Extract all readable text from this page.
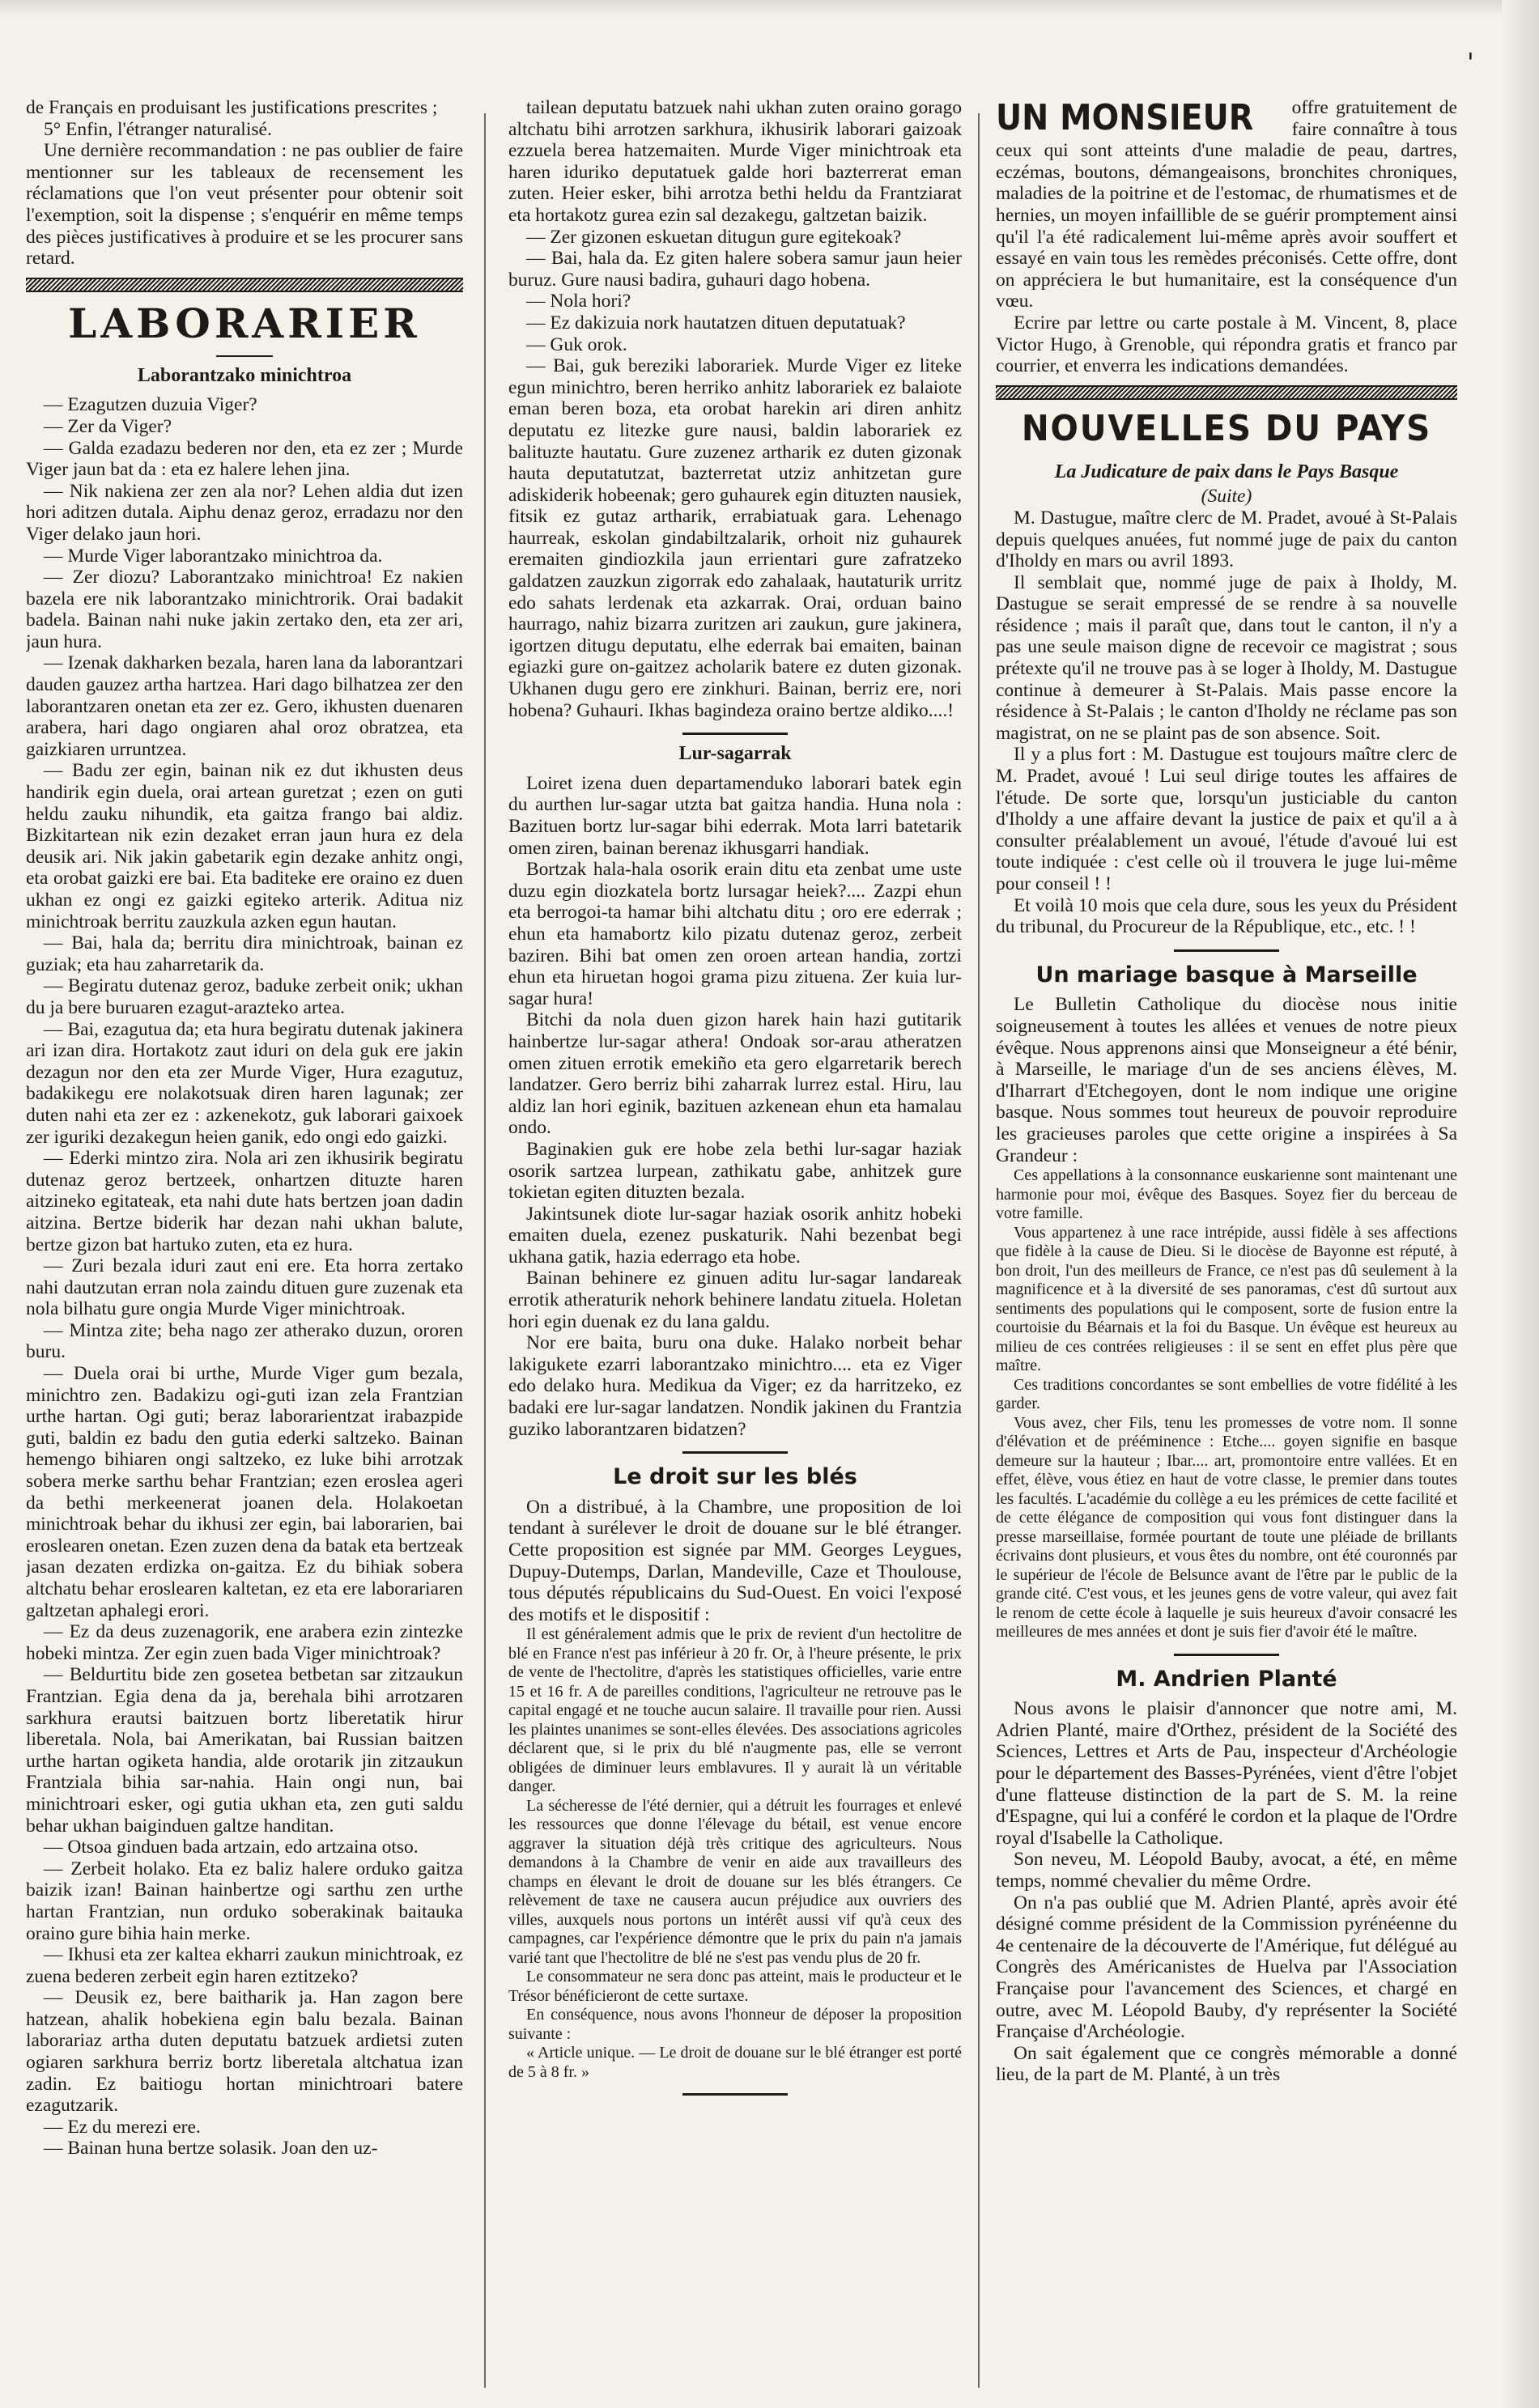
'

de Français en produisant les justifications prescrites ;

5° Enfin, l'étranger naturalisé.

Une dernière recommandation : ne pas oublier de faire mentionner sur les tableaux de recensement les réclamations que l'on veut présenter pour obtenir soit l'exemption, soit la dispense ; s'enquérir en même temps des pièces justificatives à produire et se les procurer sans retard.

LABORARIER
Laborantzako minichtroa

— Ezagutzen duzuia Viger?

— Zer da Viger?

— Galda ezadazu bederen nor den, eta ez zer ; Murde Viger jaun bat da : eta ez halere lehen jina.

— Nik nakiena zer zen ala nor? Lehen aldia dut izen hori aditzen dutala. Aiphu denaz geroz, erradazu nor den Viger delako jaun hori.

— Murde Viger laborantzako minichtroa da.

— Zer diozu? Laborantzako minichtroa! Ez nakien bazela ere nik laborantzako minichtrorik. Orai badakit badela. Bainan nahi nuke jakin zertako den, eta zer ari, jaun hura.

— Izenak dakharken bezala, haren lana da laborantzari dauden gauzez artha hartzea. Hari dago bilhatzea zer den laborantzaren onetan eta zer ez. Gero, ikhusten duenaren arabera, hari dago ongiaren ahal oroz obratzea, eta gaizkiaren urruntzea.

— Badu zer egin, bainan nik ez dut ikhusten deus handirik egin duela, orai artean guretzat ; ezen on guti heldu zauku nihundik, eta gaitza frango bai aldiz. Bizkitartean nik ezin dezaket erran jaun hura ez dela deusik ari. Nik jakin gabetarik egin dezake anhitz ongi, eta orobat gaizki ere bai. Eta baditeke ere oraino ez duen ukhan ez ongi ez gaizki egiteko arterik. Aditua niz minichtroak berritu zauzkula azken egun hautan.

— Bai, hala da; berritu dira minichtroak, bainan ez guziak; eta hau zaharretarik da.

— Begiratu dutenaz geroz, baduke zerbeit onik; ukhan du ja bere buruaren ezagut-arazteko artea.

— Bai, ezagutua da; eta hura begiratu dutenak jakinera ari izan dira. Hortakotz zaut iduri on dela guk ere jakin dezagun nor den eta zer Murde Viger, Hura ezagutuz, badakikegu ere nolakotsuak diren haren lagunak; zer duten nahi eta zer ez : azkenekotz, guk laborari gaixoek zer iguriki dezakegun heien ganik, edo ongi edo gaizki.

— Ederki mintzo zira. Nola ari zen ikhusirik begiratu dutenaz geroz bertzeek, onhartzen dituzte haren aitzineko egitateak, eta nahi dute hats bertzen joan dadin aitzina. Bertze biderik har dezan nahi ukhan balute, bertze gizon bat hartuko zuten, eta ez hura.

— Zuri bezala iduri zaut eni ere. Eta horra zertako nahi dautzutan erran nola zaindu dituen gure zuzenak eta nola bilhatu gure ongia Murde Viger minichtroak.

— Mintza zite; beha nago zer atherako duzun, ororen buru.

— Duela orai bi urthe, Murde Viger gum bezala, minichtro zen. Badakizu ogi-guti izan zela Frantzian urthe hartan. Ogi guti; beraz laborarientzat irabazpide guti, baldin ez badu den gutia ederki saltzeko. Bainan hemengo bihiaren ongi saltzeko, ez luke bihi arrotzak sobera merke sarthu behar Frantzian; ezen eroslea ageri da bethi merkeenerat joanen dela. Holakoetan minichtroak behar du ikhusi zer egin, bai laborarien, bai eroslearen onetan. Ezen zuzen dena da batak eta bertzeak jasan dezaten erdizka on-gaitza. Ez du bihiak sobera altchatu behar eroslearen kaltetan, ez eta ere laborariaren galtzetan aphalegi erori.

— Ez da deus zuzenagorik, ene arabera ezin zintezke hobeki mintza. Zer egin zuen bada Viger minichtroak?

— Beldurtitu bide zen gosetea betbetan sar zitzaukun Frantzian. Egia dena da ja, berehala bihi arrotzaren sarkhura erautsi baitzuen bortz liberetatik hirur liberetala. Nola, bai Amerikatan, bai Russian baitzen urthe hartan ogiketa handia, alde orotarik jin zitzaukun Frantziala bihia sar-nahia. Hain ongi nun, bai minichtroari esker, ogi gutia ukhan eta, zen guti saldu behar ukhan baiginduen galtze handitan.

— Otsoa ginduen bada artzain, edo artzaina otso.

— Zerbeit holako. Eta ez baliz halere orduko gaitza baizik izan! Bainan hainbertze ogi sarthu zen urthe hartan Frantzian, nun orduko soberakinak baitauka oraino gure bihia hain merke.

— Ikhusi eta zer kaltea ekharri zaukun minichtroak, ez zuena bederen zerbeit egin haren eztitzeko?

— Deusik ez, bere baitharik ja. Han zagon bere hatzean, ahalik hobekiena egin balu bezala. Bainan laborariaz artha duten deputatu batzuek ardietsi zuten ogiaren sarkhura berriz bortz liberetala altchatua izan zadin. Ez baitiogu hortan minichtroari batere ezagutzarik.

— Ez du merezi ere.

— Bainan huna bertze solasik. Joan den uz-

tailean deputatu batzuek nahi ukhan zuten oraino gorago altchatu bihi arrotzen sarkhura, ikhusirik laborari gaizoak ezzuela berea hatzemaiten. Murde Viger minichtroak eta haren iduriko deputatuek galde hori bazterrerat eman zuten. Heier esker, bihi arrotza bethi heldu da Frantziarat eta hortakotz gurea ezin sal dezakegu, galtzetan baizik.

— Zer gizonen eskuetan ditugun gure egitekoak?

— Bai, hala da. Ez giten halere sobera samur jaun heier buruz. Gure nausi badira, guhauri dago hobena.

— Nola hori?

— Ez dakizuia nork hautatzen dituen deputatuak?

— Guk orok.

— Bai, guk bereziki laborariek. Murde Viger ez liteke egun minichtro, beren herriko anhitz laborariek ez balaiote eman beren boza, eta orobat harekin ari diren anhitz deputatu ez litezke gure nausi, baldin laborariek ez balituzte hautatu. Gure zuzenez artharik ez duten gizonak hauta deputatutzat, bazterretat utziz anhitzetan gure adiskiderik hobeenak; gero guhaurek egin dituzten nausiek, fitsik ez gutaz artharik, errabiatuak gara. Lehenago haurreak, eskolan gindabiltzalarik, orhoit niz guhaurek eremaiten gindiozkila jaun errientari gure zafratzeko galdatzen zauzkun zigorrak edo zahalaak, hautaturik urritz edo sahats lerdenak eta azkarrak. Orai, orduan baino haurrago, nahiz bizarra zuritzen ari zaukun, gure jakinera, igortzen ditugu deputatu, elhe ederrak bai emaiten, bainan egiazki gure on-gaitzez acholarik batere ez duten gizonak. Ukhanen dugu gero ere zinkhuri. Bainan, berriz ere, nori hobena? Guhauri. Ikhas bagindeza oraino bertze aldiko....!

Lur-sagarrak

Loiret izena duen departamenduko laborari batek egin du aurthen lur-sagar utzta bat gaitza handia. Huna nola : Bazituen bortz lur-sagar bihi ederrak. Mota larri batetarik omen ziren, bainan berenaz ikhusgarri handiak.

Bortzak hala-hala osorik erain ditu eta zenbat ume uste duzu egin diozkatela bortz lursagar heiek?.... Zazpi ehun eta berrogoi-ta hamar bihi altchatu ditu ; oro ere ederrak ; ehun eta hamabortz kilo pizatu dutenaz geroz, zerbeit baziren. Bihi bat omen zen oroen artean handia, zortzi ehun eta hiruetan hogoi grama pizu zituena. Zer kuia lur-sagar hura!

Bitchi da nola duen gizon harek hain hazi gutitarik hainbertze lur-sagar athera! Ondoak sor-arau atheratzen omen zituen errotik emekiño eta gero elgarretarik berech landatzer. Gero berriz bihi zaharrak lurrez estal. Hiru, lau aldiz lan hori eginik, bazituen azkenean ehun eta hamalau ondo.

Baginakien guk ere hobe zela bethi lur-sagar haziak osorik sartzea lurpean, zathikatu gabe, anhitzek gure tokietan egiten dituzten bezala.

Jakintsunek diote lur-sagar haziak osorik anhitz hobeki emaiten duela, ezenez puskaturik. Nahi bezenbat begi ukhana gatik, hazia ederrago eta hobe.

Bainan behinere ez ginuen aditu lur-sagar landareak errotik atheraturik nehork behinere landatu zituela. Holetan hori egin duenak ez du lana galdu.

Nor ere baita, buru ona duke. Halako norbeit behar lakigukete ezarri laborantzako minichtro.... eta ez Viger edo delako hura. Medikua da Viger; ez da harritzeko, ez badaki ere lur-sagar landatzen. Nondik jakinen du Frantzia guziko laborantzaren bidatzen?

Le droit sur les blés

On a distribué, à la Chambre, une proposition de loi tendant à surélever le droit de douane sur le blé étranger. Cette proposition est signée par MM. Georges Leygues, Dupuy-Dutemps, Darlan, Mandeville, Caze et Thoulouse, tous députés républicains du Sud-Ouest. En voici l'exposé des motifs et le dispositif :

Il est généralement admis que le prix de revient d'un hectolitre de blé en France n'est pas inférieur à 20 fr. Or, à l'heure présente, le prix de vente de l'hectolitre, d'après les statistiques officielles, varie entre 15 et 16 fr. A de pareilles conditions, l'agriculteur ne retrouve pas le capital engagé et ne touche aucun salaire. Il travaille pour rien. Aussi les plaintes unanimes se sont-elles élevées. Des associations agricoles déclarent que, si le prix du blé n'augmente pas, elle se verront obligées de diminuer leurs emblavures. Il y aurait là un véritable danger.

La sécheresse de l'été dernier, qui a détruit les fourrages et enlevé les ressources que donne l'élevage du bétail, est venue encore aggraver la situation déjà très critique des agriculteurs. Nous demandons à la Chambre de venir en aide aux travailleurs des champs en élevant le droit de douane sur les blés étrangers. Ce relèvement de taxe ne causera aucun préjudice aux ouvriers des villes, auxquels nous portons un intérêt aussi vif qu'à ceux des campagnes, car l'expérience démontre que le prix du pain n'a jamais varié tant que l'hectolitre de blé ne s'est pas vendu plus de 20 fr.

Le consommateur ne sera donc pas atteint, mais le producteur et le Trésor bénéficieront de cette surtaxe.

En conséquence, nous avons l'honneur de déposer la proposition suivante :

« Article unique. — Le droit de douane sur le blé étranger est porté de 5 à 8 fr. »

UN MONSIEUR	offre gratuitement de faire connaître à tous ceux qui sont atteints d'une maladie de peau, dartres, eczémas, boutons, démangeaisons, bronchites chroniques, maladies de la poitrine et de l'estomac, de rhumatismes et de hernies, un moyen infaillible de se guérir promptement ainsi qu'il l'a été radicalement lui-même après avoir souffert et essayé en vain tous les remèdes préconisés. Cette offre, dont on appréciera le but humanitaire, est la conséquence d'un vœu.

Ecrire par lettre ou carte postale à M. Vincent, 8, place Victor Hugo, à Grenoble, qui répondra gratis et franco par courrier, et enverra les indications demandées.

NOUVELLES DU PAYS
La Judicature de paix dans le Pays Basque
(Suite)

M. Dastugue, maître clerc de M. Pradet, avoué à St-Palais depuis quelques anuées, fut nommé juge de paix du canton d'Iholdy en mars ou avril 1893.

Il semblait que, nommé juge de paix à Iholdy, M. Dastugue se serait empressé de se rendre à sa nouvelle résidence ; mais il paraît que, dans tout le canton, il n'y a pas une seule maison digne de recevoir ce magistrat ; sous prétexte qu'il ne trouve pas à se loger à Iholdy, M. Dastugue continue à demeurer à St-Palais. Mais passe encore la résidence à St-Palais ; le canton d'Iholdy ne réclame pas son magistrat, on ne se plaint pas de son absence. Soit.

Il y a plus fort : M. Dastugue est toujours maître clerc de M. Pradet, avoué ! Lui seul dirige toutes les affaires de l'étude. De sorte que, lorsqu'un justiciable du canton d'Iholdy a une affaire devant la justice de paix et qu'il a à consulter préalablement un avoué, l'étude d'avoué lui est toute indiquée : c'est celle où il trouvera le juge lui-même pour conseil ! !

Et voilà 10 mois que cela dure, sous les yeux du Président du tribunal, du Procureur de la République, etc., etc. ! !

Un mariage basque à Marseille

Le Bulletin Catholique du diocèse nous initie soigneusement à toutes les allées et venues de notre pieux évêque. Nous apprenons ainsi que Monseigneur a été bénir, à Marseille, le mariage d'un de ses anciens élèves, M. d'Iharrart d'Etchegoyen, dont le nom indique une origine basque. Nous sommes tout heureux de pouvoir reproduire les gracieuses paroles que cette origine a inspirées à Sa Grandeur :

Ces appellations à la consonnance euskarienne sont maintenant une harmonie pour moi, évêque des Basques. Soyez fier du berceau de votre famille.

Vous appartenez à une race intrépide, aussi fidèle à ses affections que fidèle à la cause de Dieu. Si le diocèse de Bayonne est réputé, à bon droit, l'un des meilleurs de France, ce n'est pas dû seulement à la magnificence et à la diversité de ses panoramas, c'est dû surtout aux sentiments des populations qui le composent, sorte de fusion entre la courtoisie du Béarnais et la foi du Basque. Un évêque est heureux au milieu de ces contrées religieuses : il se sent en effet plus père que maître.

Ces traditions concordantes se sont embellies de votre fidélité à les garder.

Vous avez, cher Fils, tenu les promesses de votre nom. Il sonne d'élévation et de prééminence : Etche.... goyen signifie en basque demeure sur la hauteur ; Ibar.... art, promontoire entre vallées. Et en effet, élève, vous étiez en haut de votre classe, le premier dans toutes les facultés. L'académie du collège a eu les prémices de cette facilité et de cette élégance de composition qui vous font distinguer dans la presse marseillaise, formée pourtant de toute une pléiade de brillants écrivains dont plusieurs, et vous êtes du nombre, ont été couronnés par le supérieur de l'école de Belsunce avant de l'être par le public de la grande cité. C'est vous, et les jeunes gens de votre valeur, qui avez fait le renom de cette école à laquelle je suis heureux d'avoir consacré les meilleures de mes années et dont je suis fier d'avoir été le maître.

M. Andrien Planté

Nous avons le plaisir d'annoncer que notre ami, M. Adrien Planté, maire d'Orthez, président de la Société des Sciences, Lettres et Arts de Pau, inspecteur d'Archéologie pour le département des Basses-Pyrénées, vient d'être l'objet d'une flatteuse distinction de la part de S. M. la reine d'Espagne, qui lui a conféré le cordon et la plaque de l'Ordre royal d'Isabelle la Catholique.

Son neveu, M. Léopold Bauby, avocat, a été, en même temps, nommé chevalier du même Ordre.

On n'a pas oublié que M. Adrien Planté, après avoir été désigné comme président de la Commission pyrénéenne du 4e centenaire de la découverte de l'Amérique, fut délégué au Congrès des Américanistes de Huelva par l'Association Française pour l'avancement des Sciences, et chargé en outre, avec M. Léopold Bauby, d'y représenter la Société Française d'Archéologie.

On sait également que ce congrès mémorable a donné lieu, de la part de M. Planté, à un très
